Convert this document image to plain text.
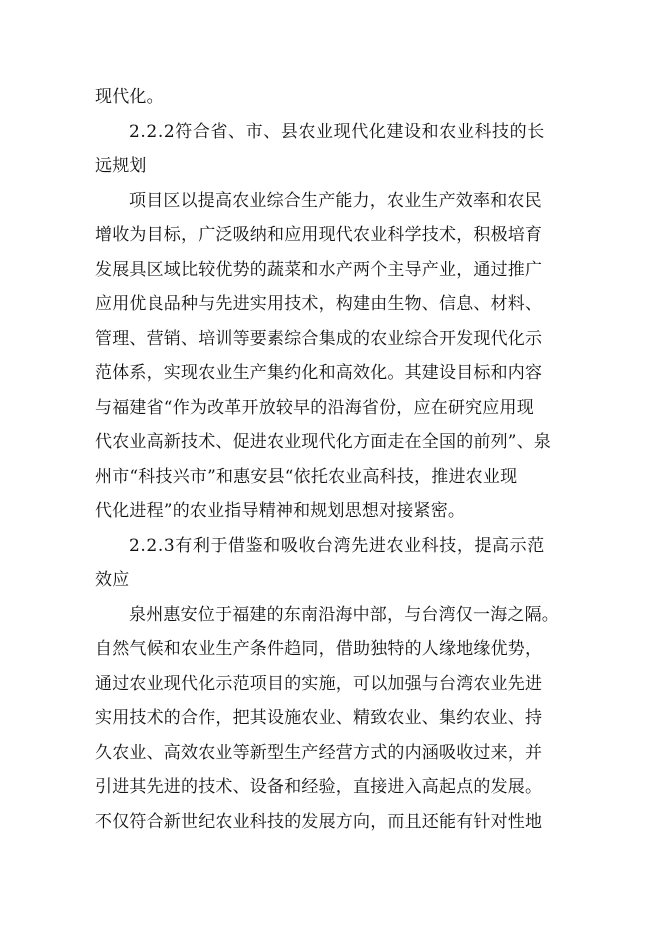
现代化。
2.2.2符合省、市、县农业现代化建设和农业科技的长
远规划
项目区以提高农业综合生产能力，农业生产效率和农民
增收为目标，广泛吸纳和应用现代农业科学技术，积极培育
发展具区域比较优势的蔬菜和水产两个主导产业，通过推广
应用优良品种与先进实用技术，构建由生物、信息、材料、
管理、营销、培训等要素综合集成的农业综合开发现代化示
范体系，实现农业生产集约化和高效化。其建设目标和内容
与福建省“作为改革开放较早的沿海省份，应在研究应用现
代农业高新技术、促进农业现代化方面走在全国的前列”、泉
州市“科技兴市”和惠安县“依托农业高科技，推进农业现
代化进程”的农业指导精神和规划思想对接紧密。
2.2.3有利于借鉴和吸收台湾先进农业科技，提高示范
效应
泉州惠安位于福建的东南沿海中部，与台湾仅一海之隔。
自然气候和农业生产条件趋同，借助独特的人缘地缘优势，
通过农业现代化示范项目的实施，可以加强与台湾农业先进
实用技术的合作，把其设施农业、精致农业、集约农业、持
久农业、高效农业等新型生产经营方式的内涵吸收过来，并
引进其先进的技术、设备和经验，直接进入高起点的发展。
不仅符合新世纪农业科技的发展方向，而且还能有针对性地
